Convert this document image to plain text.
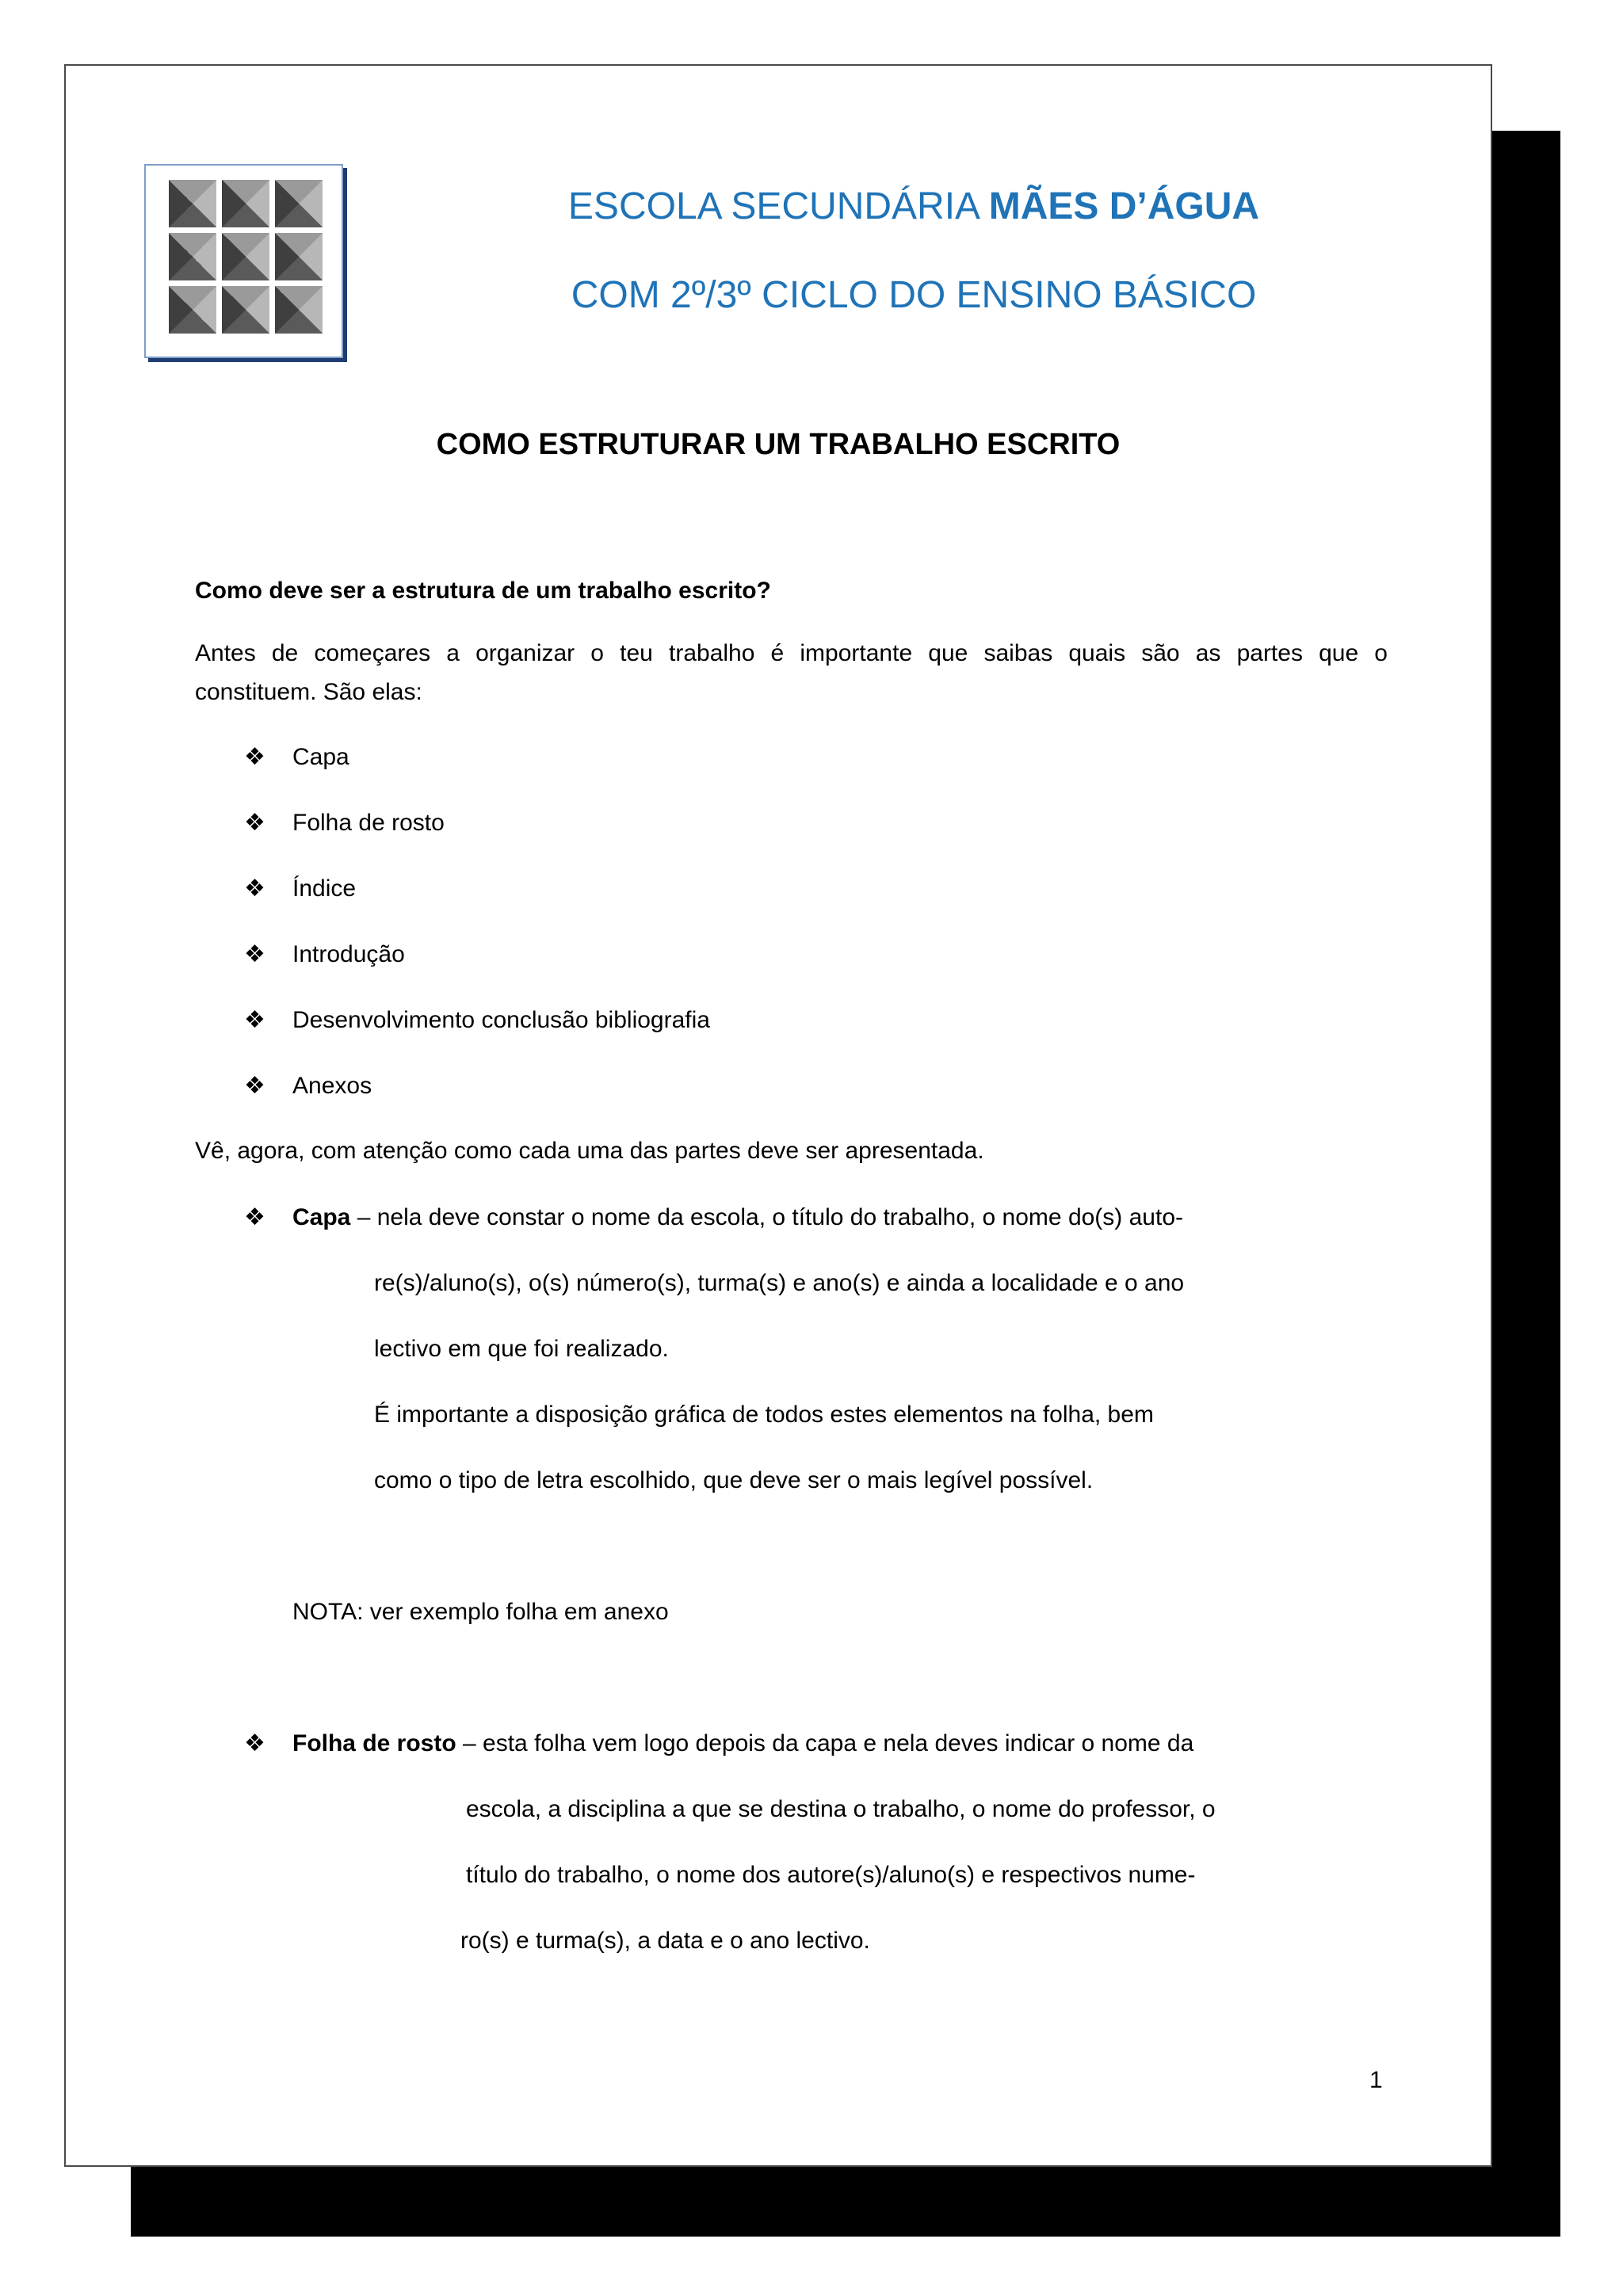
ESCOLA SECUNDÁRIA MÃES D’ÁGUA
COM 2º/3º CICLO DO ENSINO BÁSICO
COMO ESTRUTURAR UM TRABALHO ESCRITO
Como deve ser a estrutura de um trabalho escrito?
Antes de começares a organizar o teu trabalho é importante que saibas quais são as partes que o
constituem. São elas:
❖ Capa
❖ Folha de rosto
❖ Índice
❖ Introdução
❖ Desenvolvimento conclusão bibliografia
❖ Anexos
Vê, agora, com atenção como cada uma das partes deve ser apresentada.
❖ Capa – nela deve constar o nome da escola, o título do trabalho, o nome do(s) auto-
re(s)/aluno(s), o(s) número(s), turma(s) e ano(s) e ainda a localidade e o ano
lectivo em que foi realizado.
É importante a disposição gráfica de todos estes elementos na folha, bem
como o tipo de letra escolhido, que deve ser o mais legível possível.
NOTA: ver exemplo folha em anexo
❖ Folha de rosto – esta folha vem logo depois da capa e nela deves indicar o nome da
escola, a disciplina a que se destina o trabalho, o nome do professor, o
título do trabalho, o nome dos autore(s)/aluno(s) e respectivos nume-
ro(s) e turma(s), a data e o ano lectivo.
1
